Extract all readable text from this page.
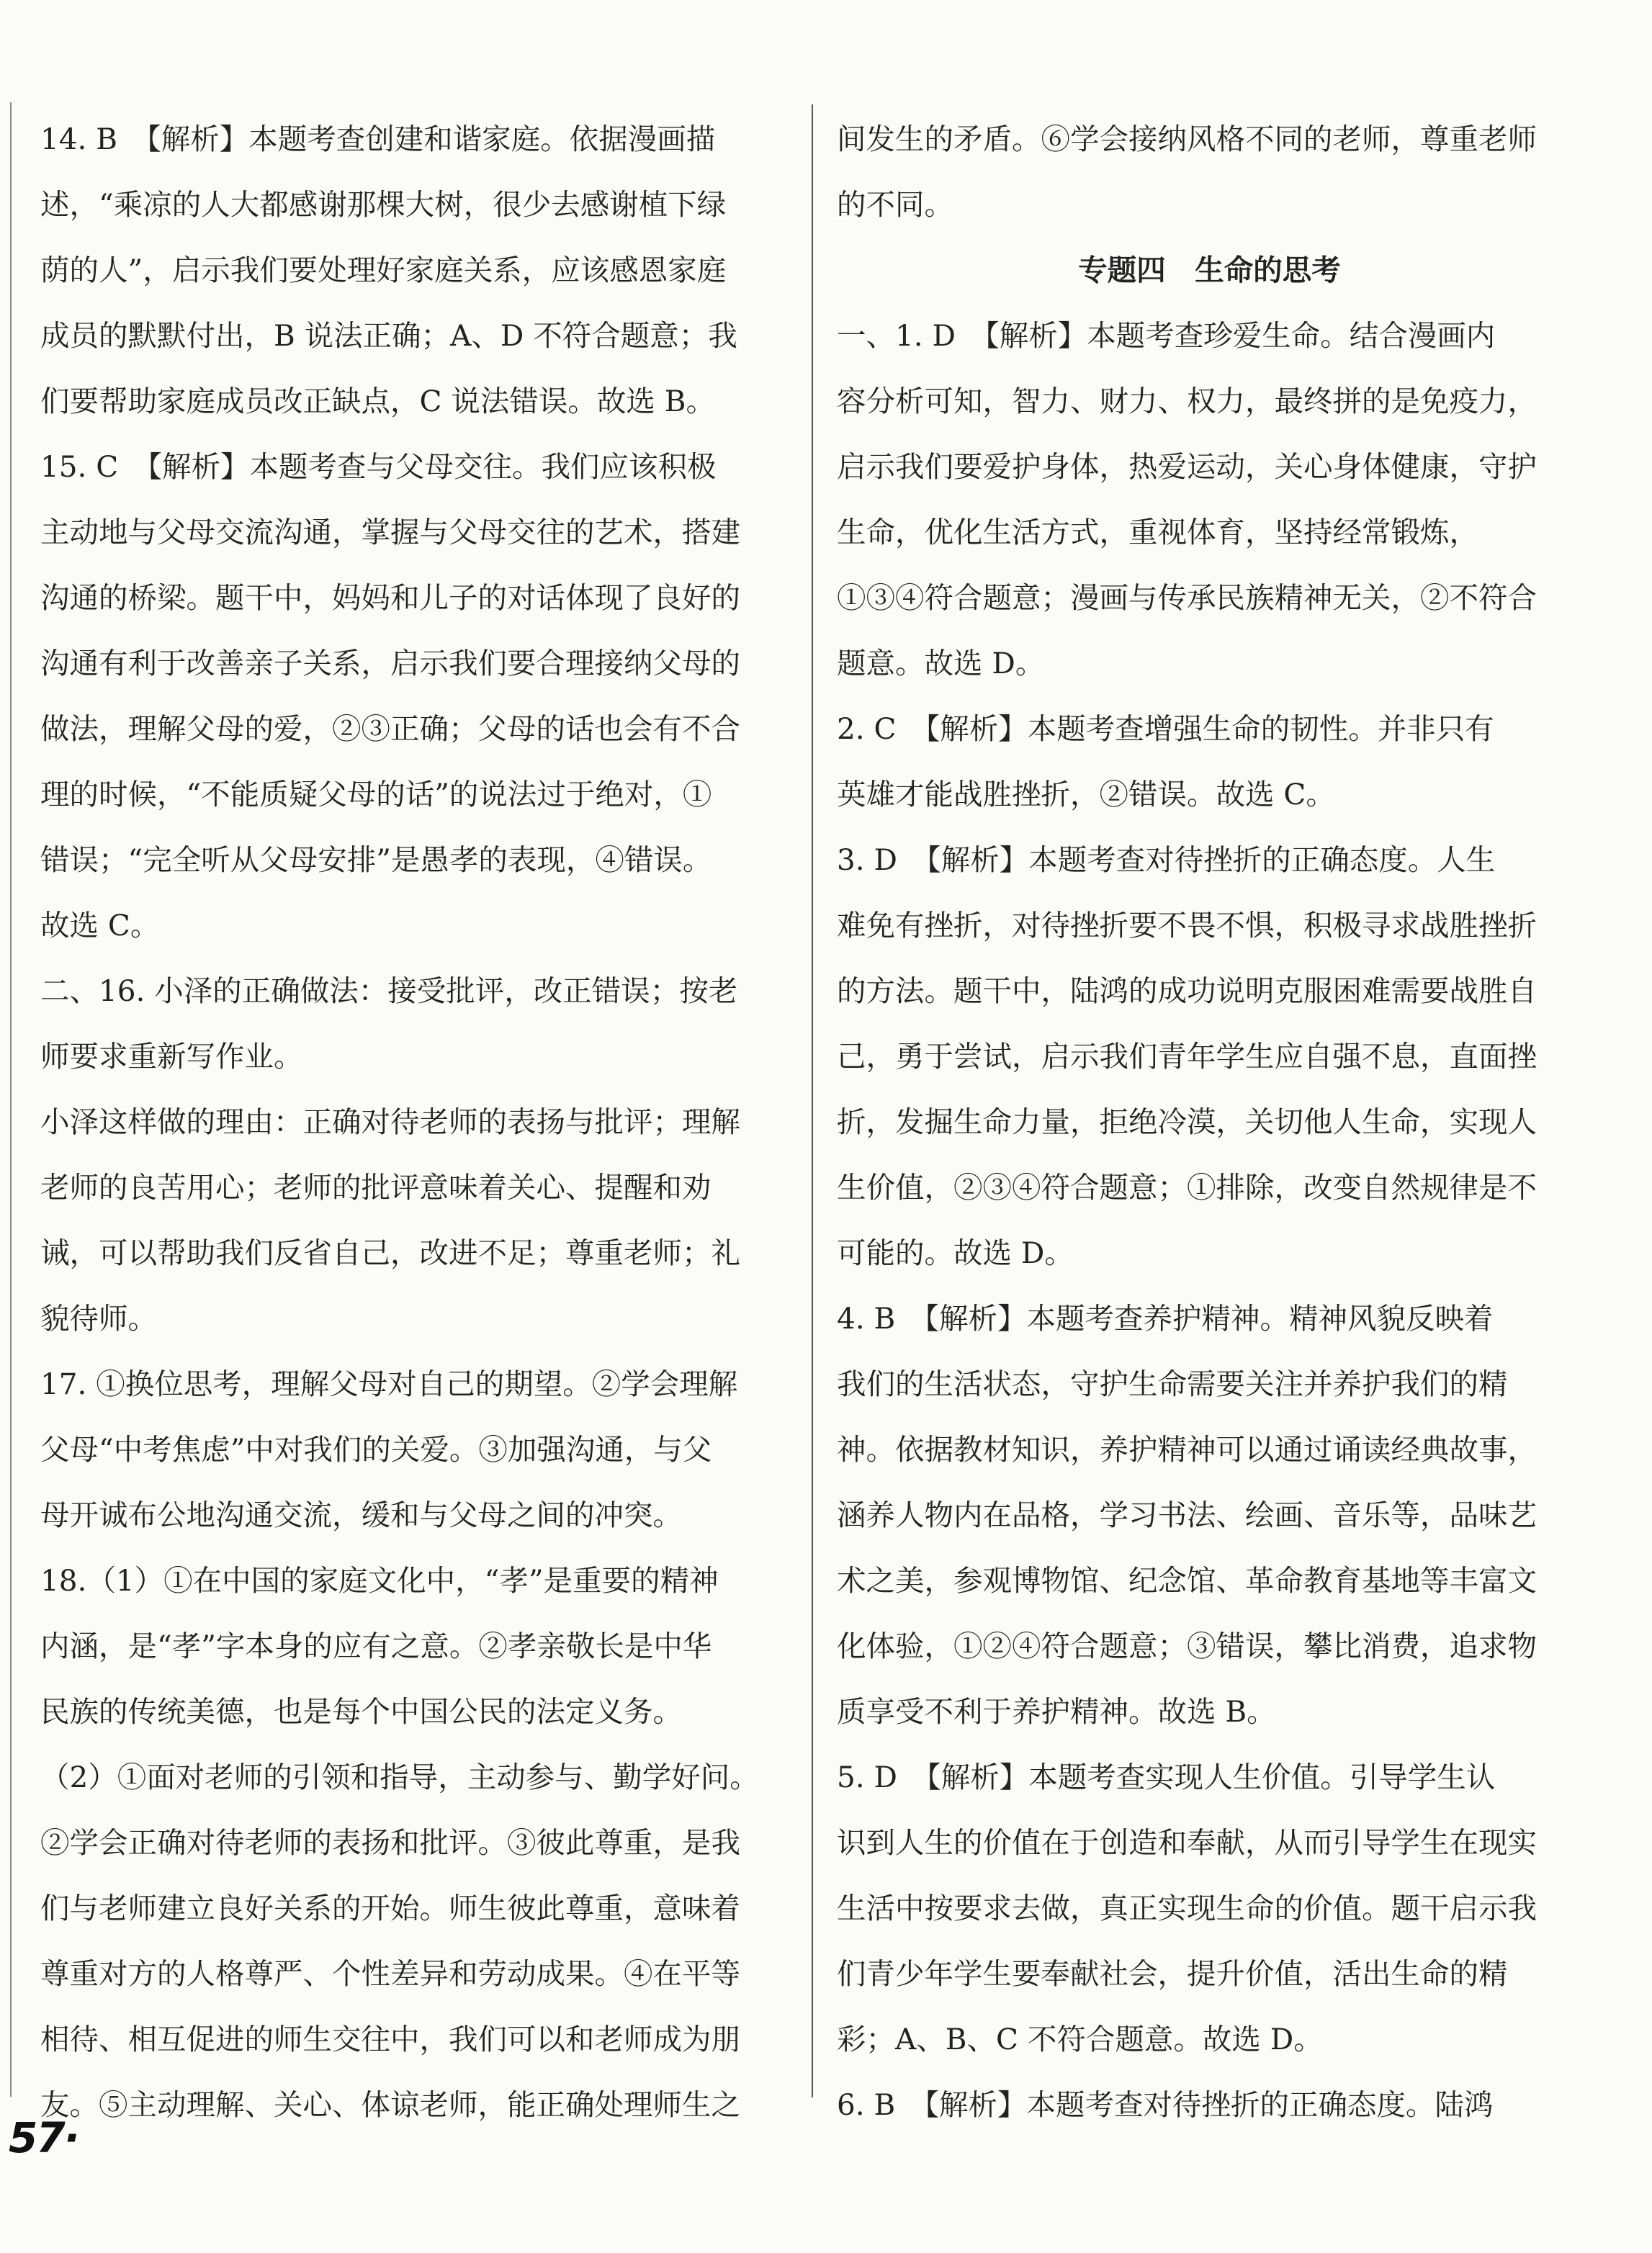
14. B　【解析】本题考查创建和谐家庭。依据漫画描
述，“乘凉的人大都感谢那棵大树，很少去感谢植下绿
荫的人”，启示我们要处理好家庭关系，应该感恩家庭
成员的默默付出，B 说法正确；A、D 不符合题意；我
们要帮助家庭成员改正缺点，C 说法错误。故选 B。
15. C　【解析】本题考查与父母交往。我们应该积极
主动地与父母交流沟通，掌握与父母交往的艺术，搭建
沟通的桥梁。题干中，妈妈和儿子的对话体现了良好的
沟通有利于改善亲子关系，启示我们要合理接纳父母的
做法，理解父母的爱，②③正确；父母的话也会有不合
理的时候，“不能质疑父母的话”的说法过于绝对，①
错误；“完全听从父母安排”是愚孝的表现，④错误。
故选 C。
二、16. 小泽的正确做法：接受批评，改正错误；按老
师要求重新写作业。
小泽这样做的理由：正确对待老师的表扬与批评；理解
老师的良苦用心；老师的批评意味着关心、提醒和劝
诫，可以帮助我们反省自己，改进不足；尊重老师；礼
貌待师。
17. ①换位思考，理解父母对自己的期望。②学会理解
父母“中考焦虑”中对我们的关爱。③加强沟通，与父
母开诚布公地沟通交流，缓和与父母之间的冲突。
18.（1）①在中国的家庭文化中，“孝”是重要的精神
内涵，是“孝”字本身的应有之意。②孝亲敬长是中华
民族的传统美德，也是每个中国公民的法定义务。
（2）①面对老师的引领和指导，主动参与、勤学好问。
②学会正确对待老师的表扬和批评。③彼此尊重，是我
们与老师建立良好关系的开始。师生彼此尊重，意味着
尊重对方的人格尊严、个性差异和劳动成果。④在平等
相待、相互促进的师生交往中，我们可以和老师成为朋
友。⑤主动理解、关心、体谅老师，能正确处理师生之
间发生的矛盾。⑥学会接纳风格不同的老师，尊重老师
的不同。
专题四　生命的思考
一、1. D　【解析】本题考查珍爱生命。结合漫画内
容分析可知，智力、财力、权力，最终拼的是免疫力，
启示我们要爱护身体，热爱运动，关心身体健康，守护
生命，优化生活方式，重视体育，坚持经常锻炼，
①③④符合题意；漫画与传承民族精神无关，②不符合
题意。故选 D。
2. C　【解析】本题考查增强生命的韧性。并非只有
英雄才能战胜挫折，②错误。故选 C。
3. D　【解析】本题考查对待挫折的正确态度。人生
难免有挫折，对待挫折要不畏不惧，积极寻求战胜挫折
的方法。题干中，陆鸿的成功说明克服困难需要战胜自
己，勇于尝试，启示我们青年学生应自强不息，直面挫
折，发掘生命力量，拒绝冷漠，关切他人生命，实现人
生价值，②③④符合题意；①排除，改变自然规律是不
可能的。故选 D。
4. B　【解析】本题考查养护精神。精神风貌反映着
我们的生活状态，守护生命需要关注并养护我们的精
神。依据教材知识，养护精神可以通过诵读经典故事，
涵养人物内在品格，学习书法、绘画、音乐等，品味艺
术之美，参观博物馆、纪念馆、革命教育基地等丰富文
化体验，①②④符合题意；③错误，攀比消费，追求物
质享受不利于养护精神。故选 B。
5. D　【解析】本题考查实现人生价值。引导学生认
识到人生的价值在于创造和奉献，从而引导学生在现实
生活中按要求去做，真正实现生命的价值。题干启示我
们青少年学生要奉献社会，提升价值，活出生命的精
彩；A、B、C 不符合题意。故选 D。
6. B　【解析】本题考查对待挫折的正确态度。陆鸿
57·
